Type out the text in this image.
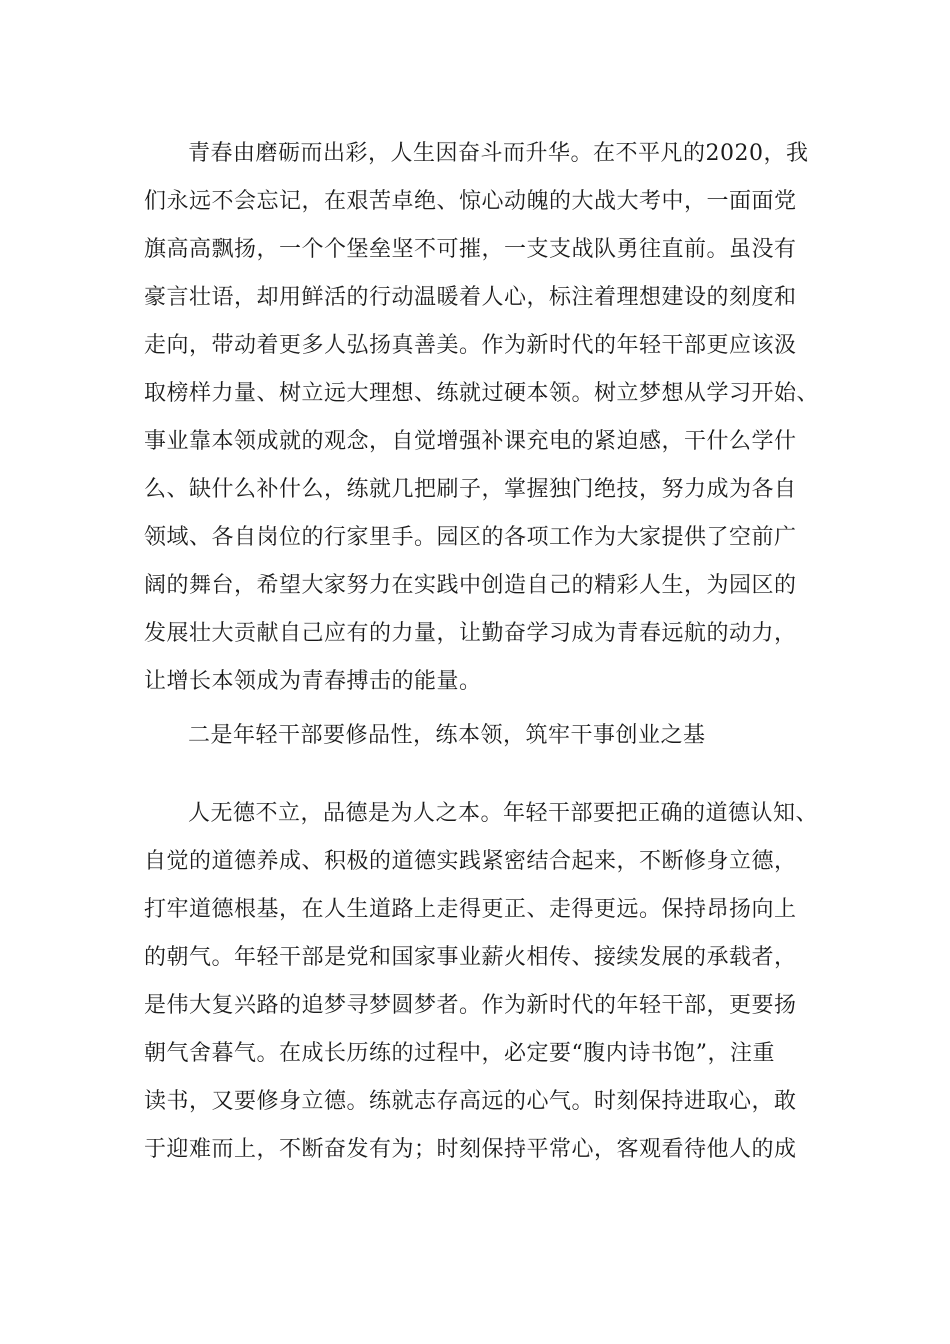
青春由磨砺而出彩，人生因奋斗而升华。在不平凡的2020，我
们永远不会忘记，在艰苦卓绝、惊心动魄的大战大考中，一面面党
旗高高飘扬，一个个堡垒坚不可摧，一支支战队勇往直前。虽没有
豪言壮语，却用鲜活的行动温暖着人心，标注着理想建设的刻度和
走向，带动着更多人弘扬真善美。作为新时代的年轻干部更应该汲
取榜样力量、树立远大理想、练就过硬本领。树立梦想从学习开始、
事业靠本领成就的观念，自觉增强补课充电的紧迫感，干什么学什
么、缺什么补什么，练就几把刷子，掌握独门绝技，努力成为各自
领域、各自岗位的行家里手。园区的各项工作为大家提供了空前广
阔的舞台，希望大家努力在实践中创造自己的精彩人生，为园区的
发展壮大贡献自己应有的力量，让勤奋学习成为青春远航的动力，
让增长本领成为青春搏击的能量。
二是年轻干部要修品性，练本领，筑牢干事创业之基
人无德不立，品德是为人之本。年轻干部要把正确的道德认知、
自觉的道德养成、积极的道德实践紧密结合起来，不断修身立德，
打牢道德根基，在人生道路上走得更正、走得更远。保持昂扬向上
的朝气。年轻干部是党和国家事业薪火相传、接续发展的承载者，
是伟大复兴路的追梦寻梦圆梦者。作为新时代的年轻干部，更要扬
朝气舍暮气。在成长历练的过程中，必定要“腹内诗书饱”，注重
读书，又要修身立德。练就志存高远的心气。时刻保持进取心，敢
于迎难而上，不断奋发有为；时刻保持平常心，客观看待他人的成
